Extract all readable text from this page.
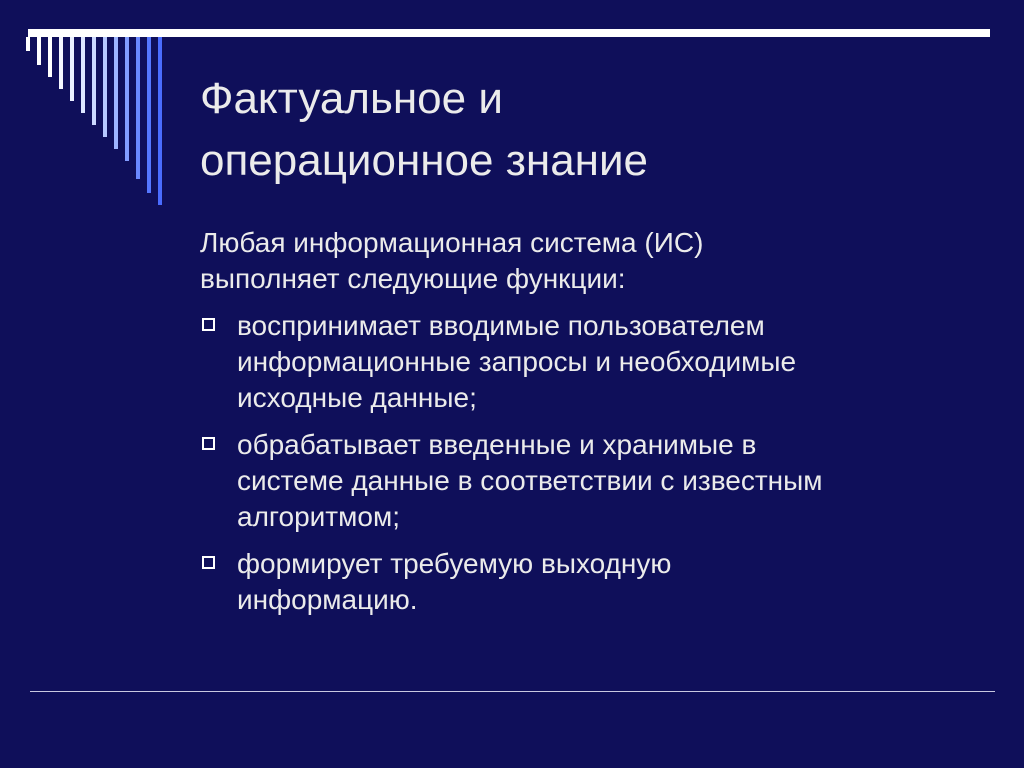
Фактуальное и
операционное знание

Любая информационная система (ИС)
выполняет следующие функции:

воспринимает вводимые пользователем
информационные запросы и необходимые
исходные данные;
обрабатывает введенные и хранимые в
системе данные в соответствии с известным
алгоритмом;
формирует требуемую выходную
информацию.
